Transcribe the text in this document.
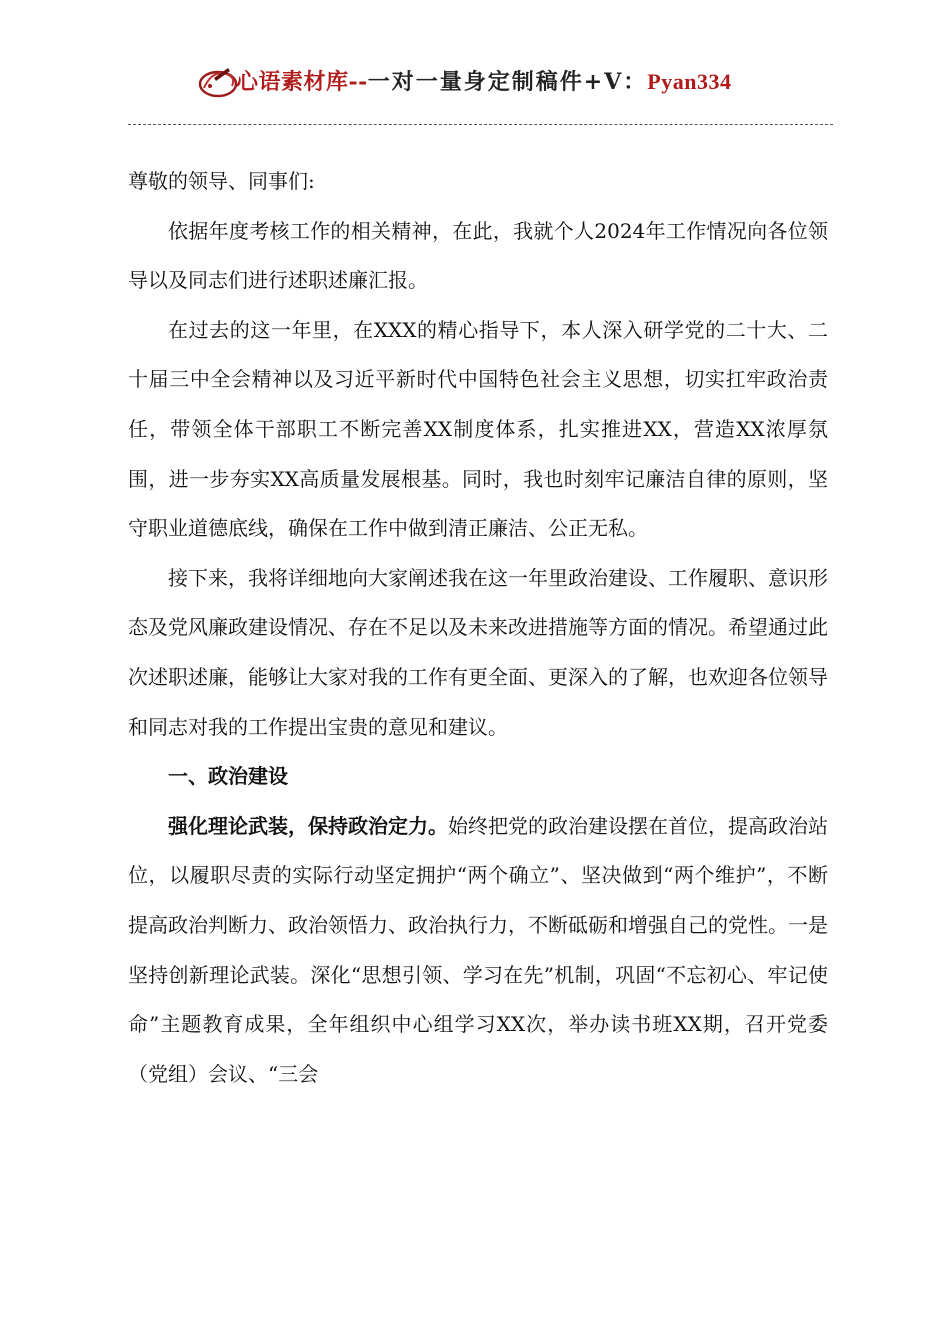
心语素材库--一对一量身定制稿件+V：Pyan334

尊敬的领导、同事们:

依据年度考核工作的相关精神，在此，我就个人2024年工作情况向各位领导以及同志们进行述职述廉汇报。

在过去的这一年里，在XXX的精心指导下，本人深入研学党的二十大、二十届三中全会精神以及习近平新时代中国特色社会主义思想，切实扛牢政治责任，带领全体干部职工不断完善XX制度体系，扎实推进XX，营造XX浓厚氛围，进一步夯实XX高质量发展根基。同时，我也时刻牢记廉洁自律的原则，坚守职业道德底线，确保在工作中做到清正廉洁、公正无私。

接下来，我将详细地向大家阐述我在这一年里政治建设、工作履职、意识形态及党风廉政建设情况、存在不足以及未来改进措施等方面的情况。希望通过此次述职述廉，能够让大家对我的工作有更全面、更深入的了解，也欢迎各位领导和同志对我的工作提出宝贵的意见和建议。

一、政治建设

强化理论武装，保持政治定力。始终把党的政治建设摆在首位，提高政治站位，以履职尽责的实际行动坚定拥护“两个确立”、坚决做到“两个维护”，不断提高政治判断力、政治领悟力、政治执行力，不断砥砺和增强自己的党性。一是坚持创新理论武装。深化“思想引领、学习在先”机制，巩固“不忘初心、牢记使命”主题教育成果，全年组织中心组学习XX次，举办读书班XX期，召开党委（党组）会议、“三会
